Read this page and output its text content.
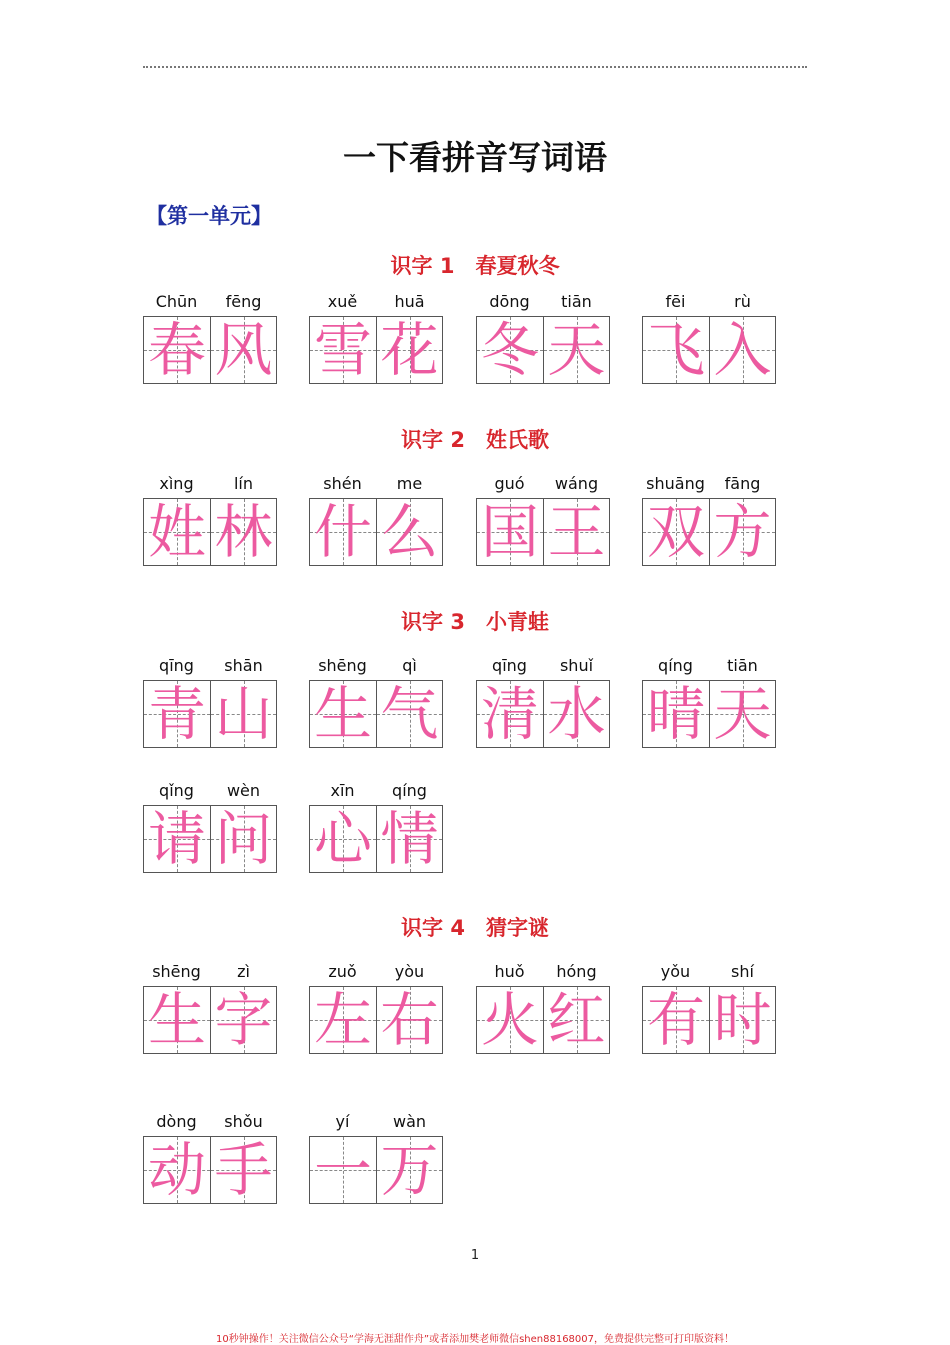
一下看拼音写词语
【第一单元】
识字 1　春夏秋冬
Chūn	fēng
春 风
xuě	huā
雪 花
dōng	tiān
冬 天
fēi	rù
飞 入
识字 2　姓氏歌
xìng	lín
姓 林
shén	me
什 么
guó	wáng
国 王
shuāng	fāng
双 方
识字 3　小青蛙
qīng	shān
青 山
shēng	qì
生 气
qīng	shuǐ
清 水
qíng	tiān
晴 天
qǐng	wèn
请 问
xīn	qíng
心 情
识字 4　猜字谜
shēng	zì
生 字
zuǒ	yòu
左 右
huǒ	hóng
火 红
yǒu	shí
有 时
dòng	shǒu
动 手
yí	wàn
一 万
1
10秒钟操作！关注微信公众号“学海无涯甜作舟”或者添加樊老师微信shen88168007，免费提供完整可打印版资料！
